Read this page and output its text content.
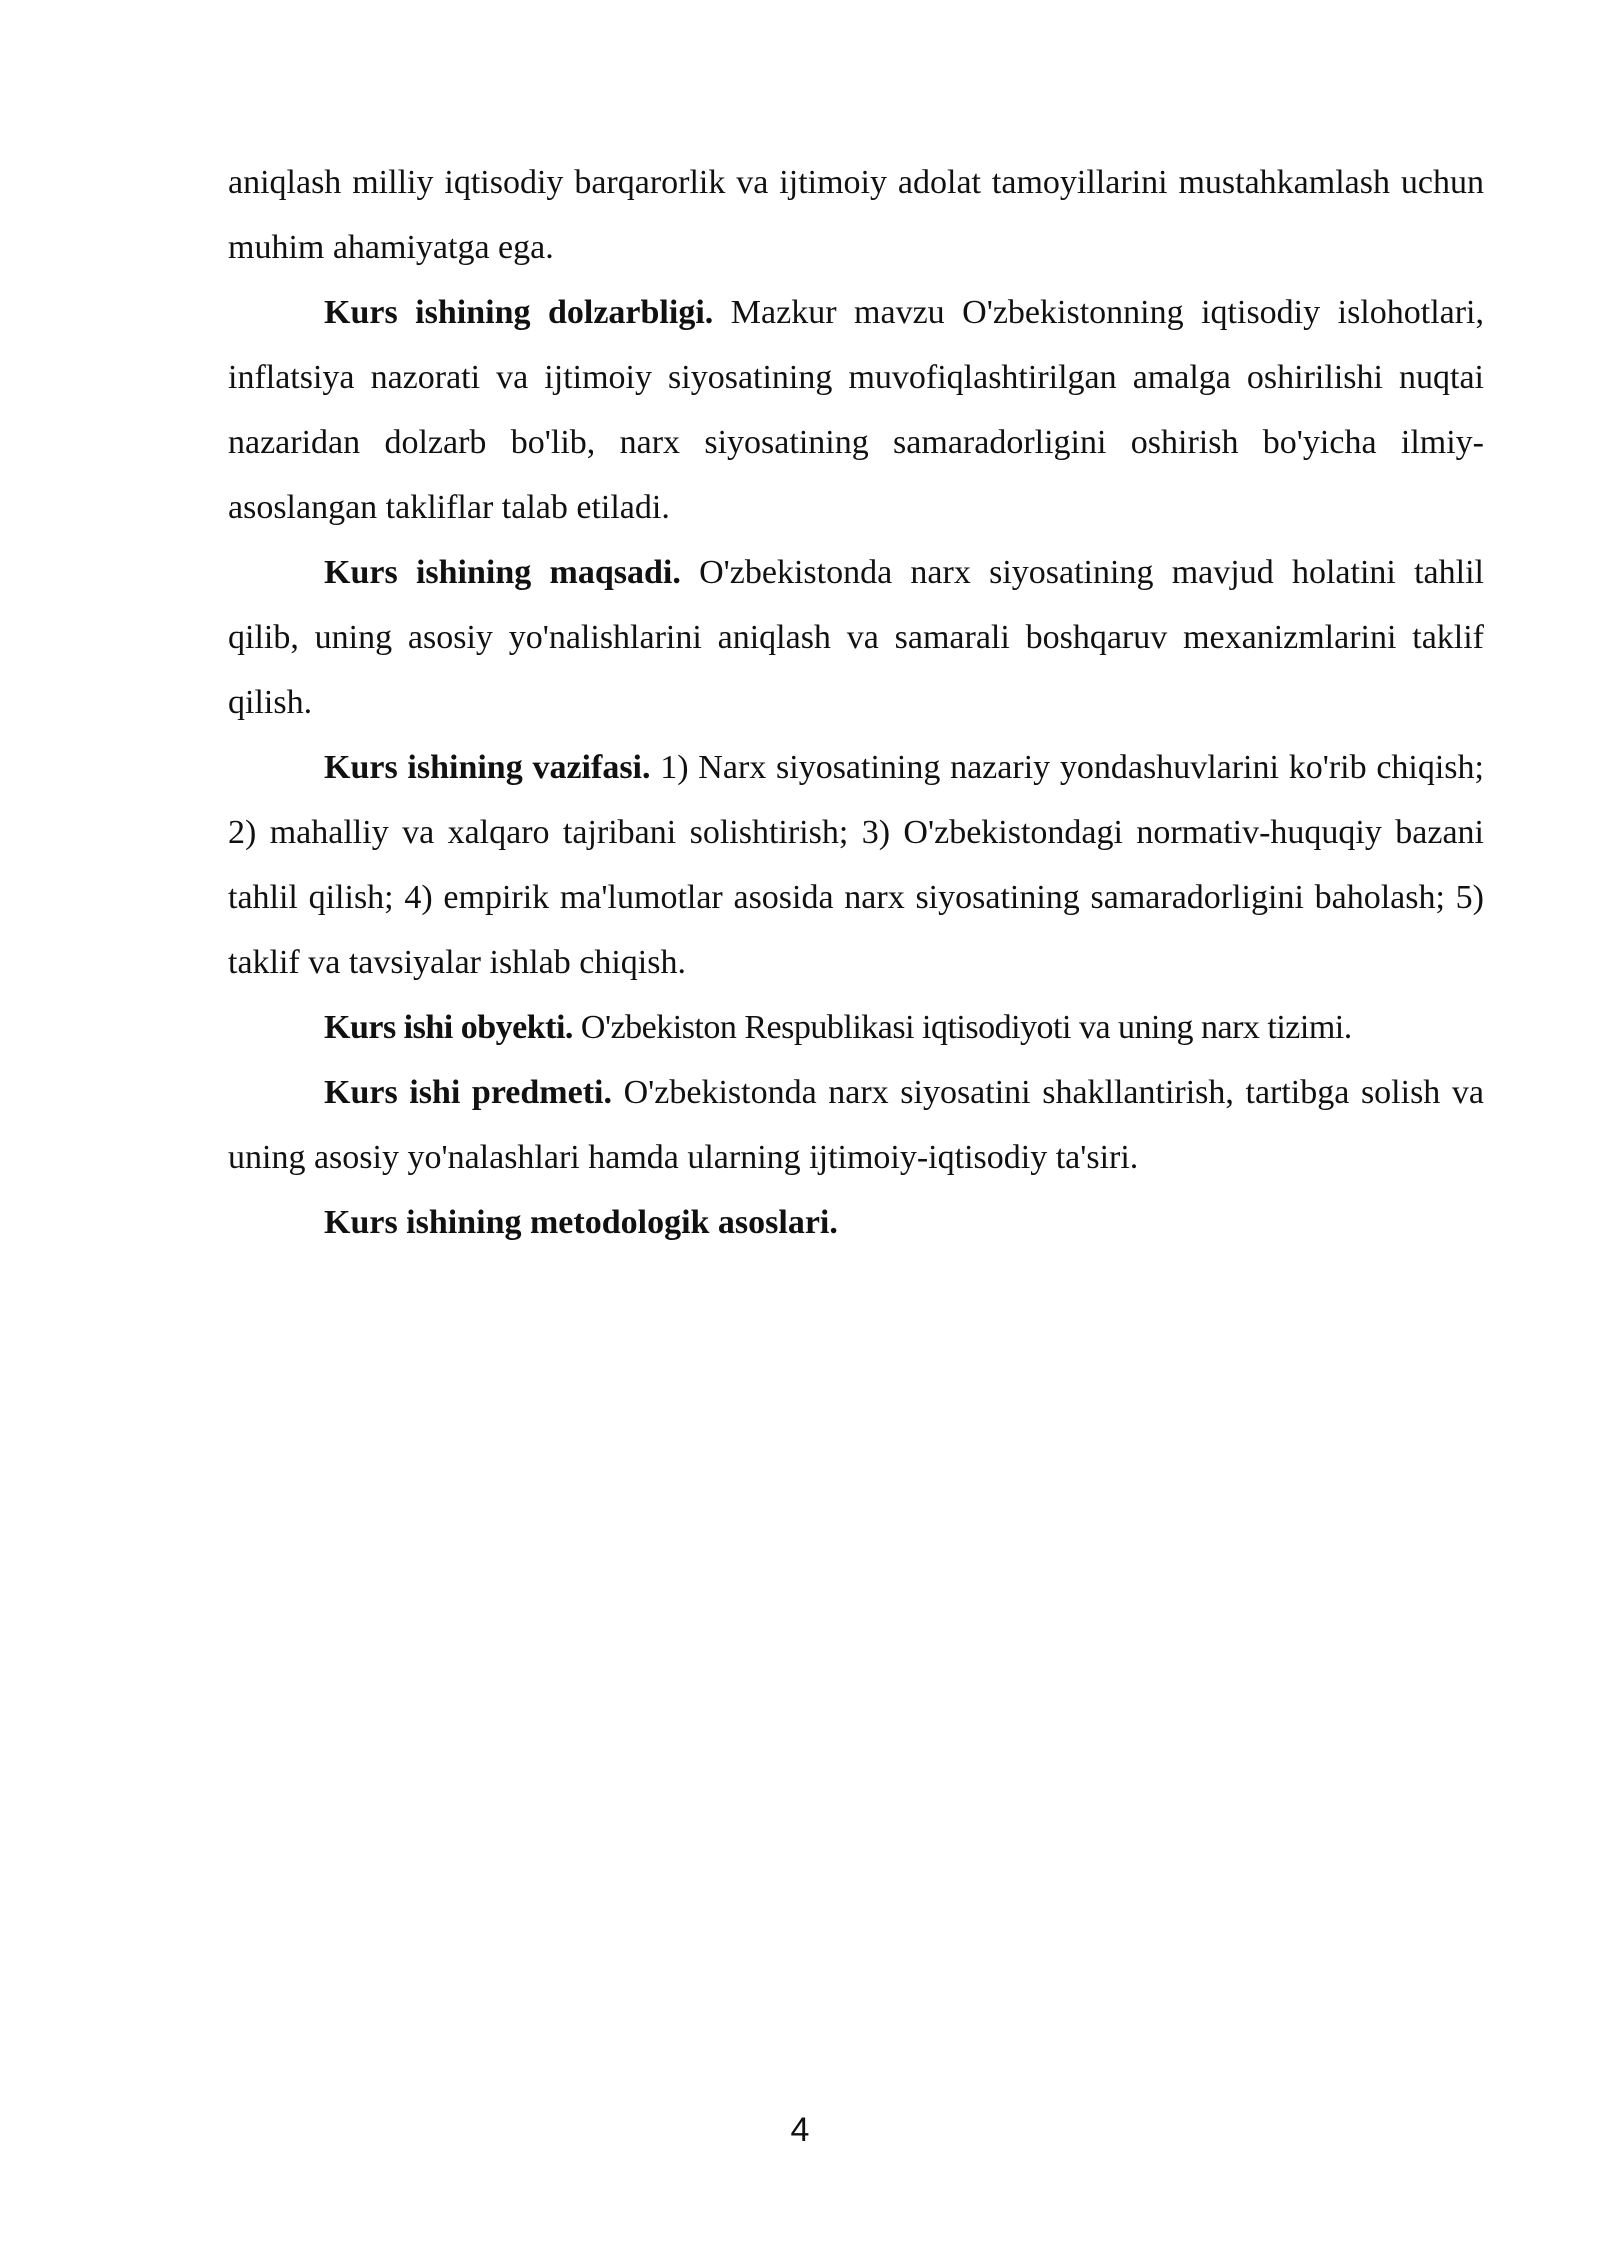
aniqlash milliy iqtisodiy barqarorlik va ijtimoiy adolat tamoyillarini mustahkamlash uchun muhim ahamiyatga ega.

Kurs ishining dolzarbligi. Mazkur mavzu O'zbekistonning iqtisodiy islohotlari, inflatsiya nazorati va ijtimoiy siyosatining muvofiqlashtirilgan amalga oshirilishi nuqtai nazaridan dolzarb bo'lib, narx siyosatining samaradorligini oshirish bo'yicha ilmiy-asoslangan takliflar talab etiladi.

Kurs ishining maqsadi. O'zbekistonda narx siyosatining mavjud holatini tahlil qilib, uning asosiy yo'nalishlarini aniqlash va samarali boshqaruv mexanizmlarini taklif qilish.

Kurs ishining vazifasi. 1) Narx siyosatining nazariy yondashuvlarini ko'rib chiqish; 2) mahalliy va xalqaro tajribani solishtirish; 3) O'zbekistondagi normativ-huquqiy bazani tahlil qilish; 4) empirik ma'lumotlar asosida narx siyosatining samaradorligini baholash; 5) taklif va tavsiyalar ishlab chiqish.

Kurs ishi obyekti. O'zbekiston Respublikasi iqtisodiyoti va uning narx tizimi.

Kurs ishi predmeti. O'zbekistonda narx siyosatini shakllantirish, tartibga solish va uning asosiy yo'nalashlari hamda ularning ijtimoiy-iqtisodiy ta'siri.

Kurs ishining metodologik asoslari.

4
